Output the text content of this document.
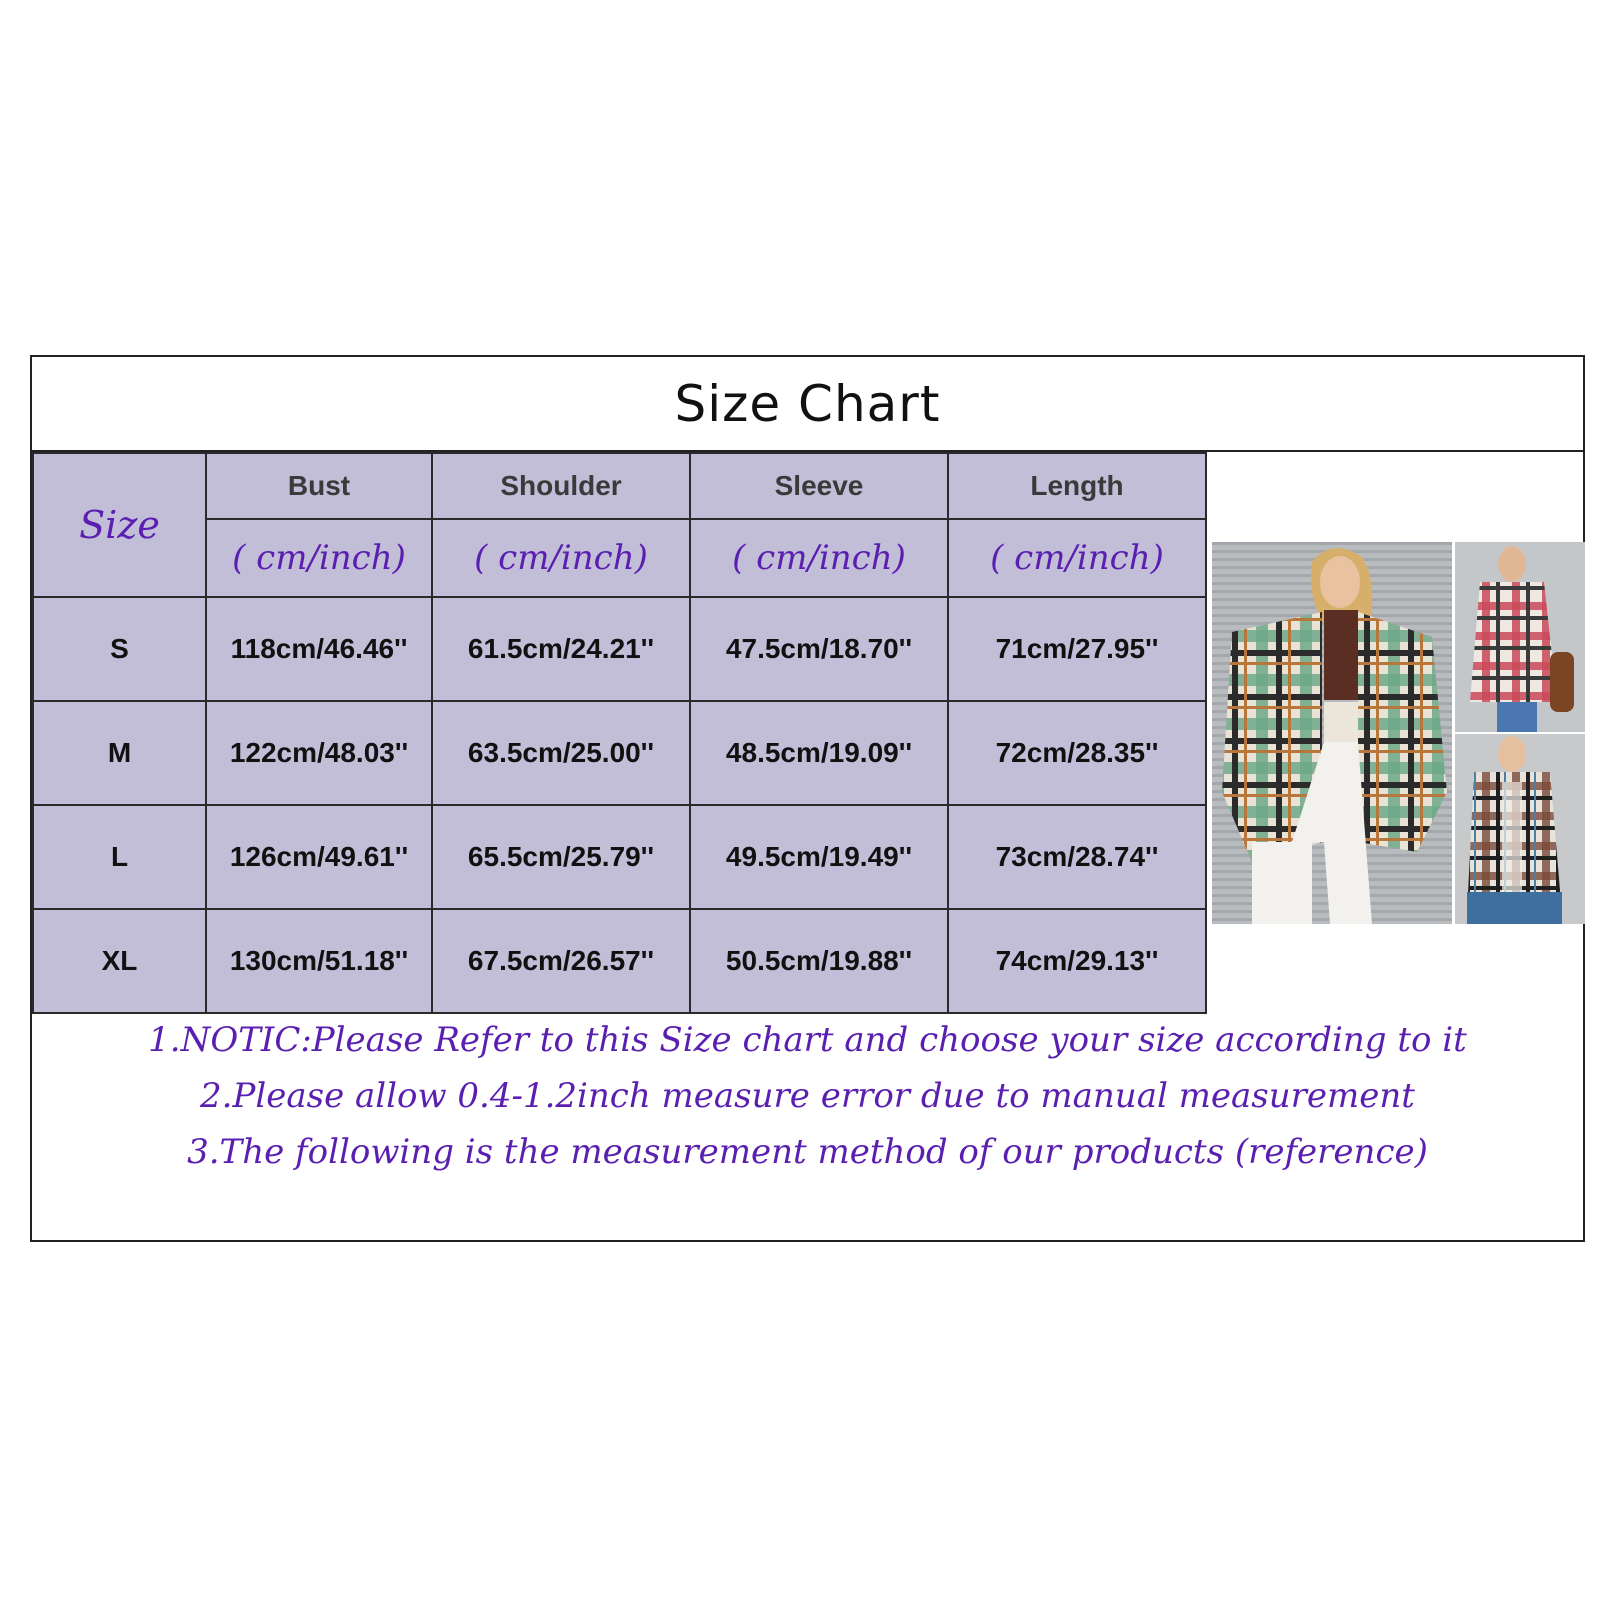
Size Chart
Size	Bust	Shoulder	Sleeve	Length
	( cm/inch)	( cm/inch)	( cm/inch)	( cm/inch)
S	118cm/46.46''	61.5cm/24.21''	47.5cm/18.70''	71cm/27.95''
M	122cm/48.03''	63.5cm/25.00''	48.5cm/19.09''	72cm/28.35''
L	126cm/49.61''	65.5cm/25.79''	49.5cm/19.49''	73cm/28.74''
XL	130cm/51.18''	67.5cm/26.57''	50.5cm/19.88''	74cm/29.13''
1.NOTIC:Please Refer to this Size chart and choose your size according to it
2.Please allow 0.4-1.2inch measure error due to manual measurement
3.The following is the measurement method of our products (reference)
